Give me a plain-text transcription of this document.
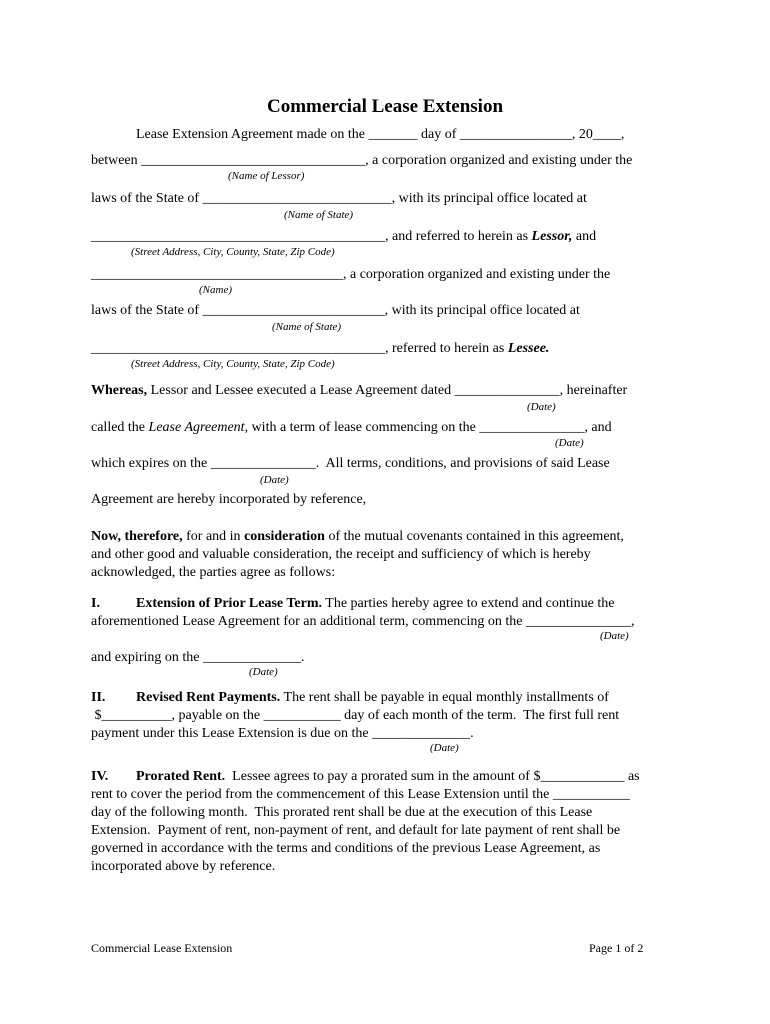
Commercial Lease Extension
Lease Extension Agreement made on the _______ day of ________________, 20____,
between ________________________________, a corporation organized and existing under the
(Name of Lessor)
laws of the State of ___________________________, with its principal office located at
(Name of State)
__________________________________________, and referred to herein as Lessor, and
(Street Address, City, County, State, Zip Code)
____________________________________, a corporation organized and existing under the
(Name)
laws of the State of __________________________, with its principal office located at
(Name of State)
__________________________________________, referred to herein as Lessee.
(Street Address, City, County, State, Zip Code)
Whereas, Lessor and Lessee executed a Lease Agreement dated _______________, hereinafter
(Date)
called the Lease Agreement, with a term of lease commencing on the _______________, and
(Date)
which expires on the _______________.  All terms, conditions, and provisions of said Lease
(Date)
Agreement are hereby incorporated by reference,
Now, therefore, for and in consideration of the mutual covenants contained in this agreement,
and other good and valuable consideration, the receipt and sufficiency of which is hereby
acknowledged, the parties agree as follows:
I.	Extension of Prior Lease Term. The parties hereby agree to extend and continue the
aforementioned Lease Agreement for an additional term, commencing on the _______________,
(Date)
and expiring on the ______________.
(Date)
II. Revised Rent Payments. The rent shall be payable in equal monthly installments of
$__________, payable on the ___________ day of each month of the term.  The first full rent
payment under this Lease Extension is due on the ______________.
(Date)
IV. Prorated Rent.  Lessee agrees to pay a prorated sum in the amount of $____________ as
rent to cover the period from the commencement of this Lease Extension until the ___________
day of the following month.  This prorated rent shall be due at the execution of this Lease
Extension.  Payment of rent, non-payment of rent, and default for late payment of rent shall be
governed in accordance with the terms and conditions of the previous Lease Agreement, as
incorporated above by reference.
Commercial Lease Extension	Page 1 of 2
